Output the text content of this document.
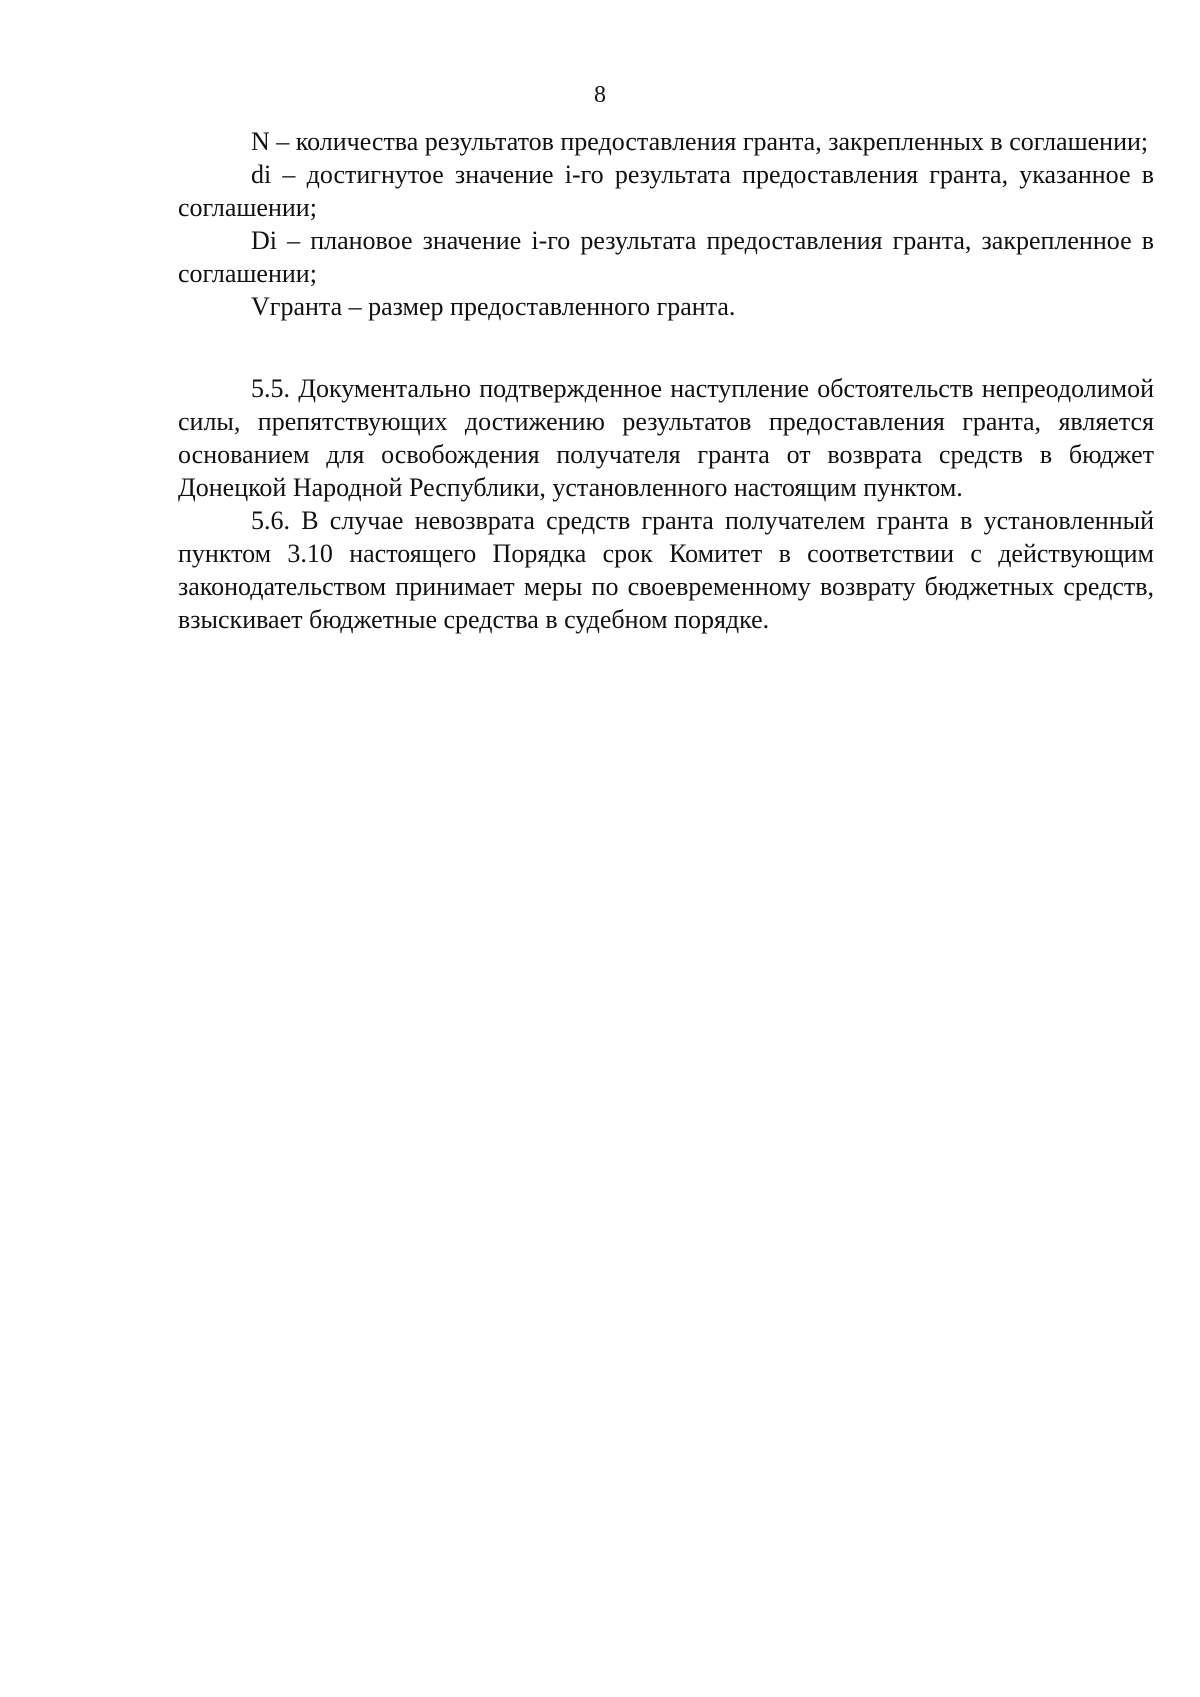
8

N – количества результатов предоставления гранта, закрепленных в соглашении;

di – достигнутое значение i-го результата предоставления гранта, указанное в соглашении;

Di – плановое значение i-го результата предоставления гранта, закрепленное в соглашении;

Vгранта – размер предоставленного гранта.

5.5. Документально подтвержденное наступление обстоятельств непреодолимой силы, препятствующих достижению результатов предоставления гранта, является основанием для освобождения получателя гранта от возврата средств в бюджет Донецкой Народной Республики, установленного настоящим пунктом.

5.6. В случае невозврата средств гранта получателем гранта в установленный пунктом 3.10 настоящего Порядка срок Комитет в соответствии с действующим законодательством принимает меры по своевременному возврату бюджетных средств, взыскивает бюджетные средства в судебном порядке.
